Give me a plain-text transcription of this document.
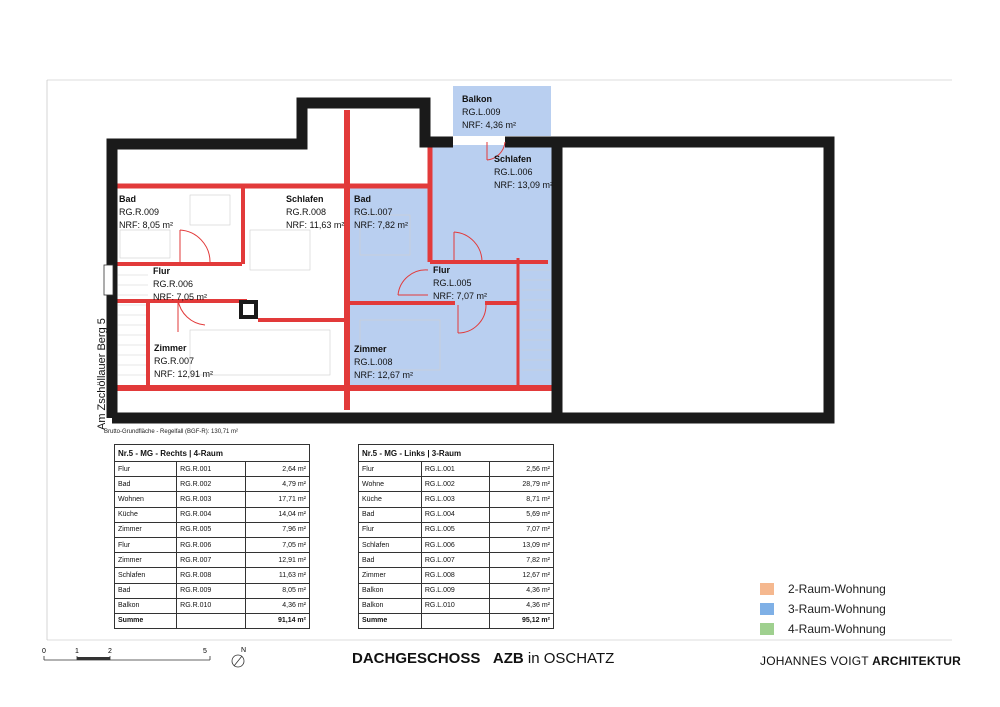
Bad
RG.R.009
NRF: 8,05 m²
Schlafen
RG.R.008
NRF: 11,63 m²
Bad
RG.L.007
NRF: 7,82 m²
Flur
RG.R.006
NRF: 7,05 m²
Zimmer
RG.R.007
NRF: 12,91 m²
Zimmer
RG.L.008
NRF: 12,67 m²
Flur
RG.L.005
NRF: 7,07 m²
Schlafen
RG.L.006
NRF: 13,09 m²
Balkon
RG.L.009
NRF: 4,36 m²
0	1	2	5	N
Am Zschöllauer Berg 5
Brutto-Grundfläche - Regelfall (BGF-R): 130,71 m²
Nr.5 - MG - Rechts | 4-Raum		
Flur	RG.R.001	2,64 m²
Bad	RG.R.002	4,79 m²
Wohnen	RG.R.003	17,71 m²
Küche	RG.R.004	14,04 m²
Zimmer	RG.R.005	7,96 m²
Flur	RG.R.006	7,05 m²
Zimmer	RG.R.007	12,91 m²
Schlafen	RG.R.008	11,63 m²
Bad	RG.R.009	8,05 m²
Balkon	RG.R.010	4,36 m²
Summe		91,14 m²
Nr.5 - MG - Links | 3-Raum		
Flur	RG.L.001	2,56 m²
Wohne	RG.L.002	28,79 m²
Küche	RG.L.003	8,71 m²
Bad	RG.L.004	5,69 m²
Flur	RG.L.005	7,07 m²
Schlafen	RG.L.006	13,09 m²
Bad	RG.L.007	7,82 m²
Zimmer	RG.L.008	12,67 m²
Balkon	RG.L.009	4,36 m²
Balkon	RG.L.010	4,36 m²
Summe		95,12 m²
2-Raum-Wohnung
3-Raum-Wohnung
4-Raum-Wohnung
DACHGESCHOSS AZB in OSCHATZ	JOHANNES VOIGT ARCHITEKTUR
